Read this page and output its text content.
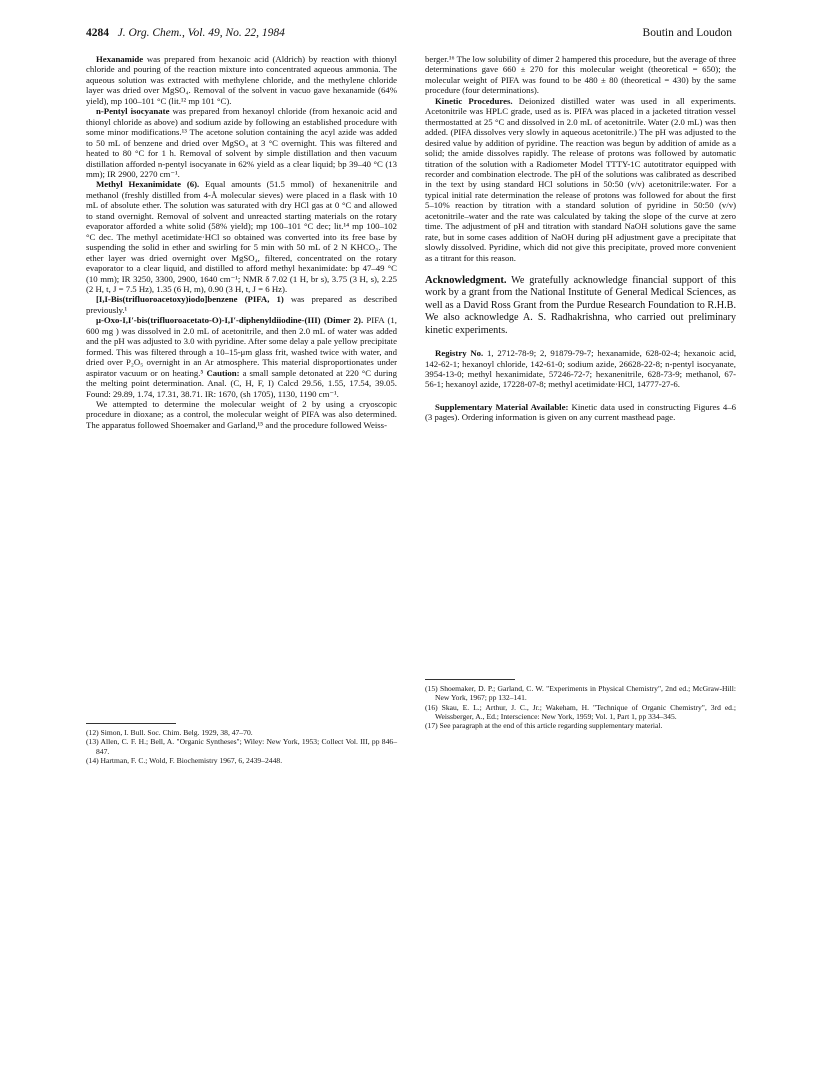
4284 J. Org. Chem., Vol. 49, No. 22, 1984	Boutin and Loudon

Hexanamide was prepared from hexanoic acid (Aldrich) by reaction with thionyl chloride and pouring of the reaction mixture into concentrated aqueous ammonia. The aqueous solution was extracted with methylene chloride, and the methylene chloride layer was dried over MgSO₄. Removal of the solvent in vacuo gave hexanamide (64% yield), mp 100–101 °C (lit.¹² mp 101 °C).

n-Pentyl isocyanate was prepared from hexanoyl chloride (from hexanoic acid and thionyl chloride as above) and sodium azide by following an established procedure with some minor modifications.¹³ The acetone solution containing the acyl azide was added to 50 mL of benzene and dried over MgSO₄ at 3 °C overnight. This was filtered and heated to 80 °C for 1 h. Removal of solvent by simple distillation and then vacuum distillation afforded n-pentyl isocyanate in 62% yield as a clear liquid; bp 39–40 °C (13 mm); IR 2900, 2270 cm⁻¹.

Methyl Hexanimidate (6). Equal amounts (51.5 mmol) of hexanenitrile and methanol (freshly distilled from 4-Å molecular sieves) were placed in a flask with 10 mL of absolute ether. The solution was saturated with dry HCl gas at 0 °C and allowed to stand overnight. Removal of solvent and unreacted starting materials on the rotary evaporator afforded a white solid (58% yield); mp 100–101 °C dec; lit.¹⁴ mp 100–102 °C dec. The methyl acetimidate·HCl so obtained was converted into its free base by suspending the solid in ether and swirling for 5 min with 50 mL of 2 N KHCO₃. The ether layer was dried overnight over MgSO₄, filtered, concentrated on the rotary evaporator to a clear liquid, and distilled to afford methyl hexanimidate: bp 47–49 °C (10 mm); IR 3250, 3300, 2900, 1640 cm⁻¹; NMR δ 7.02 (1 H, br s), 3.75 (3 H, s), 2.25 (2 H, t, J = 7.5 Hz), 1.35 (6 H, m), 0.90 (3 H, t, J = 6 Hz).

[I,I-Bis(trifluoroacetoxy)iodo]benzene (PIFA, 1) was prepared as described previously.¹

μ-Oxo-I,I′-bis(trifluoroacetato-O)-I,I′-diphenyldiiodine-(III) (Dimer 2). PIFA (1, 600 mg ) was dissolved in 2.0 mL of acetonitrile, and then 2.0 mL of water was added and the pH was adjusted to 3.0 with pyridine. After some delay a pale yellow precipitate formed. This was filtered through a 10–15-μm glass frit, washed twice with water, and dried over P₂O₅ overnight in an Ar atmosphere. This material disproportionates under aspirator vacuum or on heating.⁵ Caution: a small sample detonated at 220 °C during the melting point determination. Anal. (C, H, F, I) Calcd 29.56, 1.55, 17.54, 39.05. Found: 29.89, 1.74, 17.31, 38.71. IR: 1670, (sh 1705), 1130, 1190 cm⁻¹.

We attempted to determine the molecular weight of 2 by using a cryoscopic procedure in dioxane; as a control, the molecular weight of PIFA was also determined. The apparatus followed Shoemaker and Garland,¹⁵ and the procedure followed Weiss-

berger.¹⁶ The low solubility of dimer 2 hampered this procedure, but the average of three determinations gave 660 ± 270 for this molecular weight (theoretical = 650); the molecular weight of PIFA was found to be 480 ± 80 (theoretical = 430) by the same procedure (four determinations).

Kinetic Procedures. Deionized distilled water was used in all experiments. Acetonitrile was HPLC grade, used as is. PIFA was placed in a jacketed titration vessel thermostatted at 25 °C and dissolved in 2.0 mL of acetonitrile. Water (2.0 mL) was then added. (PIFA dissolves very slowly in aqueous acetonitrile.) The pH was adjusted to the desired value by addition of pyridine. The reaction was begun by addition of amide as a solid; the amide dissolves rapidly. The release of protons was followed by automatic titration of the solution with a Radiometer Model TTTY-1C autotitrator equipped with recorder and combination electrode. The pH of the solutions was calibrated as described in the text by using standard HCl solutions in 50:50 (v/v) acetonitrile:water. For a typical initial rate determination the release of protons was followed for about the first 5–10% reaction by titration with a standard solution of pyridine in 50:50 (v/v) acetonitrile–water and the rate was calculated by taking the slope of the curve at zero time. The adjustment of pH and titration with standard NaOH solutions gave the same rate, but in some cases addition of NaOH during pH adjustment gave a precipitate that slowly dissolved. Pyridine, which did not give this precipitate, proved more convenient as a titrant for this reason.

Acknowledgment. We gratefully acknowledge financial support of this work by a grant from the National Institute of General Medical Sciences, as well as a David Ross Grant from the Purdue Research Foundation to R.H.B. We also acknowledge A. S. Radhakrishna, who carried out preliminary kinetic experiments.

Registry No. 1, 2712-78-9; 2, 91879-79-7; hexanamide, 628-02-4; hexanoic acid, 142-62-1; hexanoyl chloride, 142-61-0; sodium azide, 26628-22-8; n-pentyl isocyanate, 3954-13-0; methyl hexanimidate, 57246-72-7; hexanenitrile, 628-73-9; methanol, 67-56-1; hexanoyl azide, 17228-07-8; methyl acetimidate·HCl, 14777-27-6.

Supplementary Material Available: Kinetic data used in constructing Figures 4–6 (3 pages). Ordering information is given on any current masthead page.

(12) Simon, I. Bull. Soc. Chim. Belg. 1929, 38, 47–70.

(13) Allen, C. F. H.; Bell, A. "Organic Syntheses"; Wiley: New York, 1953; Collect Vol. III, pp 846–847.

(14) Hartman, F. C.; Wold, F. Biochemistry 1967, 6, 2439–2448.

(15) Shoemaker, D. P.; Garland, C. W. "Experiments in Physical Chemistry", 2nd ed.; McGraw-Hill: New York, 1967; pp 132–141.

(16) Skau, E. L.; Arthur, J. C., Jr.; Wakeham, H. "Technique of Organic Chemistry", 3rd ed.; Weissberger, A., Ed.; Interscience: New York, 1959; Vol. 1, Part 1, pp 334–345.

(17) See paragraph at the end of this article regarding supplementary material.
